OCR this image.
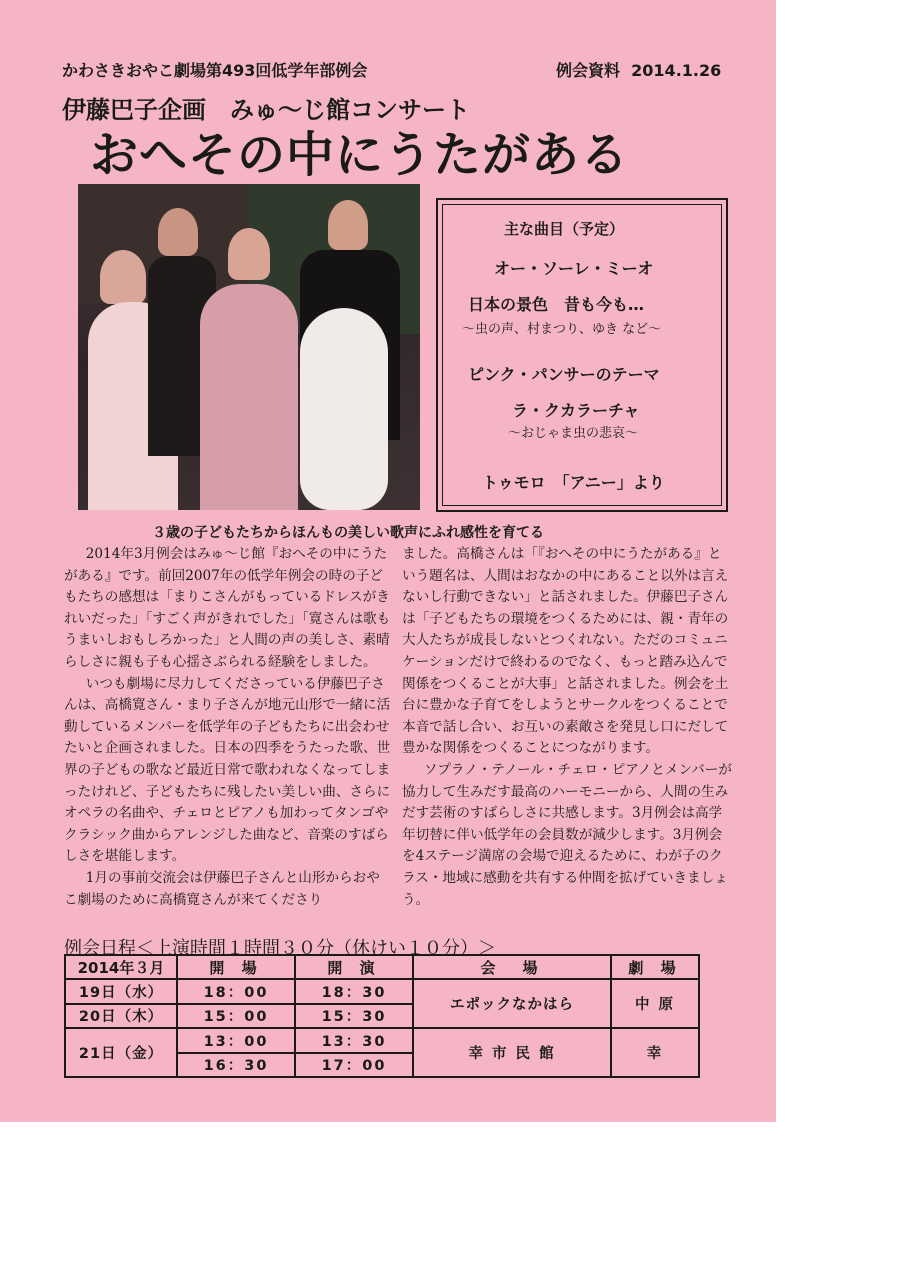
かわさきおやこ劇場第493回低学年部例会	例会資料 2014.1.26
伊藤巴子企画　みゅ～じ館コンサート
おへその中にうたがある
主な曲目（予定）
オー・ソーレ・ミーオ
日本の景色　昔も今も…
～虫の声、村まつり、ゆき など～
ピンク・パンサーのテーマ
ラ・クカラーチャ
～おじゃま虫の悲哀～
トゥモロ　「アニー」より
３歳の子どもたちからほんもの美しい歌声にふれ感性を育てる

2014年3月例会はみゅ～じ館『おへその中にうたがある』です。前回2007年の低学年例会の時の子どもたちの感想は「まりこさんがもっているドレスがきれいだった」「すごく声がきれでした」「寛さんは歌もうまいしおもしろかった」と人間の声の美しさ、素晴らしさに親も子も心揺さぶられる経験をしました。

いつも劇場に尽力してくださっている伊藤巴子さんは、高橋寛さん・まり子さんが地元山形で一緒に活動しているメンバーを低学年の子どもたちに出会わせたいと企画されました。日本の四季をうたった歌、世界の子どもの歌など最近日常で歌われなくなってしまったけれど、子どもたちに残したい美しい曲、さらにオペラの名曲や、チェロとピアノも加わってタンゴやクラシック曲からアレンジした曲など、音楽のすばらしさを堪能します。

1月の事前交流会は伊藤巴子さんと山形からおやこ劇場のために高橋寛さんが来てくださり

ました。高橋さんは「『おへその中にうたがある』という題名は、人間はおなかの中にあること以外は言えないし行動できない」と話されました。伊藤巴子さんは「子どもたちの環境をつくるためには、親・青年の大人たちが成長しないとつくれない。ただのコミュニケーションだけで終わるのでなく、もっと踏み込んで関係をつくることが大事」と話されました。例会を土台に豊かな子育てをしようとサークルをつくることで本音で話し合い、お互いの素敵さを発見し口にだして豊かな関係をつくることにつながります。

ソプラノ・テノール・チェロ・ピアノとメンバーが協力して生みだす最高のハーモニーから、人間の生みだす芸術のすばらしさに共感します。3月例会は高学年切替に伴い低学年の会員数が減少します。3月例会を4ステージ満席の会場で迎えるために、わが子のクラス・地域に感動を共有する仲間を拡げていきましょう。

例会日程＜上演時間１時間３０分（休けい１０分）＞
2014年３月	開 場	開 演	会　場	劇 場
19日（水）	18：00	18：30	エポックなかはら	中 原
20日（木）	15：00	15：30		
21日（金）	13：00	13：30	幸 市 民 館	幸
	16：30	17：00		
